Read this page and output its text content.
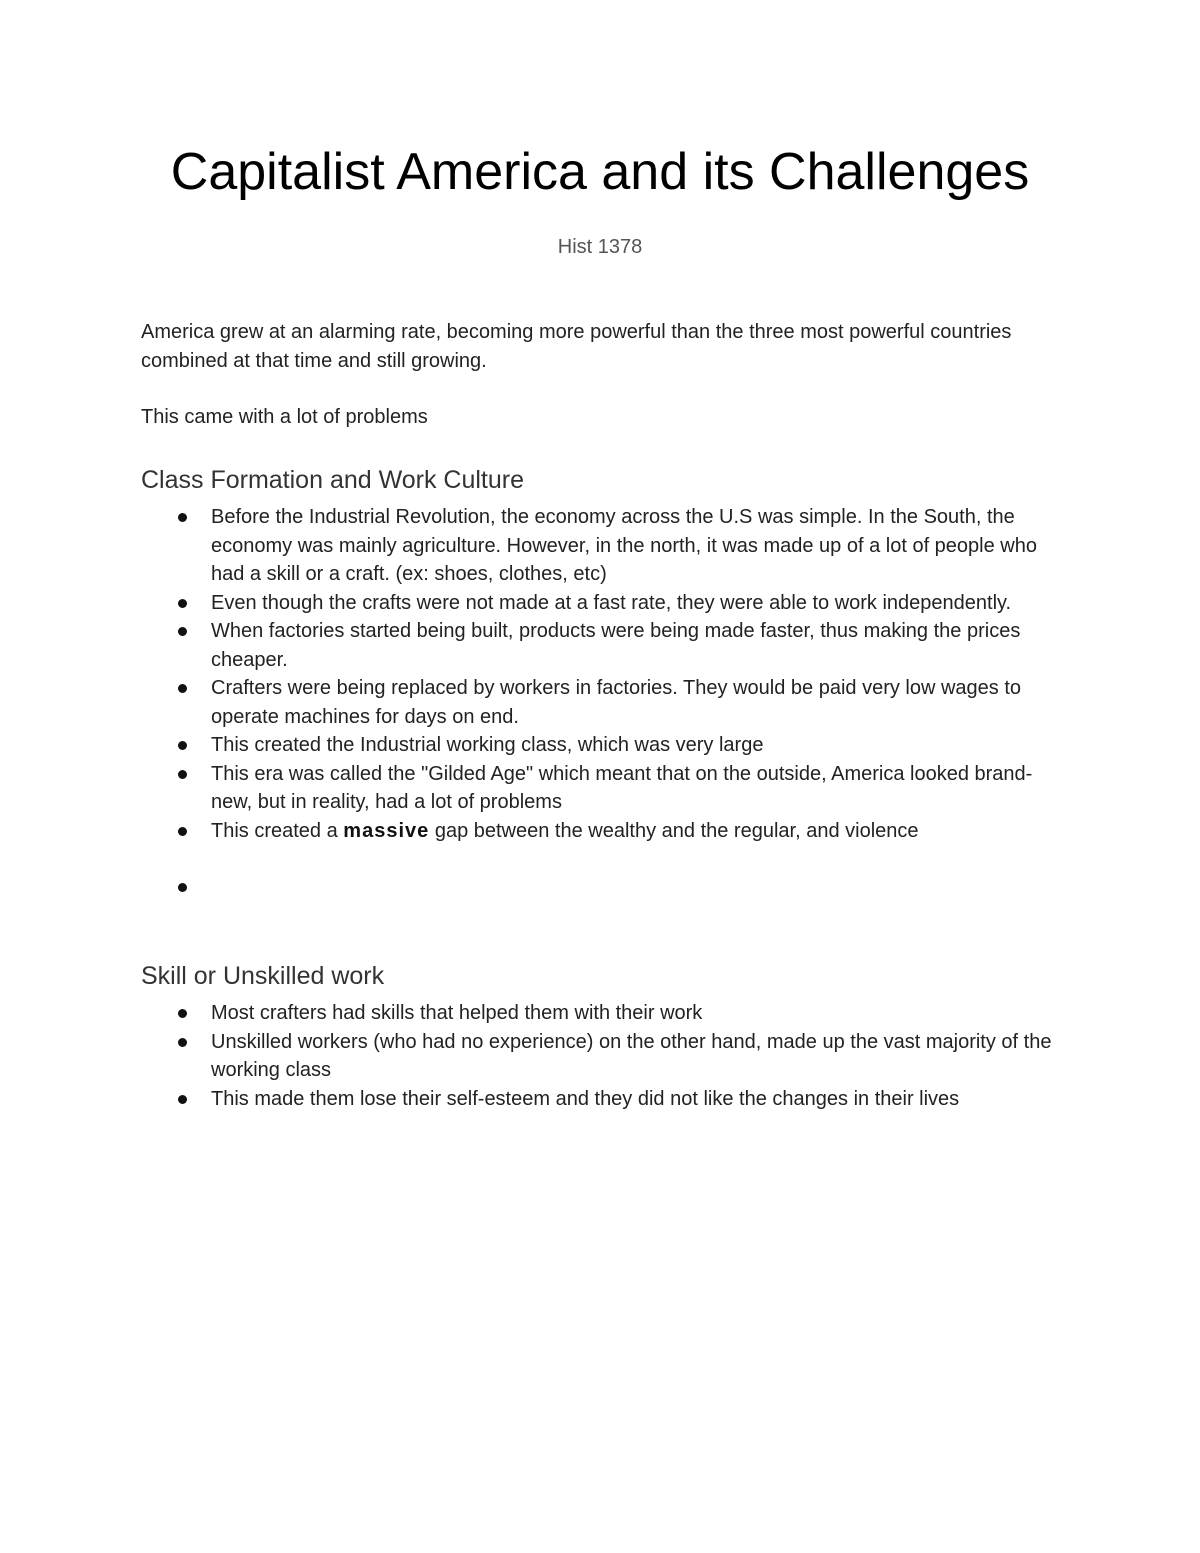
Capitalist America and its Challenges
Hist 1378

America grew at an alarming rate, becoming more powerful than the three most powerful countries combined at that time and still growing.

This came with a lot of problems

Class Formation and Work Culture
Before the Industrial Revolution, the economy across the U.S was simple. In the South, the economy was mainly agriculture. However, in the north, it was made up of a lot of people who had a skill or a craft. (ex: shoes, clothes, etc)
Even though the crafts were not made at a fast rate, they were able to work independently.
When factories started being built, products were being made faster, thus making the prices cheaper.
Crafters were being replaced by workers in factories. They would be paid very low wages to operate machines for days on end.
This created the Industrial working class, which was very large
This era was called the "Gilded Age" which meant that on the outside, America looked brand-new, but in reality, had a lot of problems
This created a massive gap between the wealthy and the regular, and violence
Skill or Unskilled work
Most crafters had skills that helped them with their work
Unskilled workers (who had no experience) on the other hand, made up the vast majority of the working class
This made them lose their self-esteem and they did not like the changes in their lives
